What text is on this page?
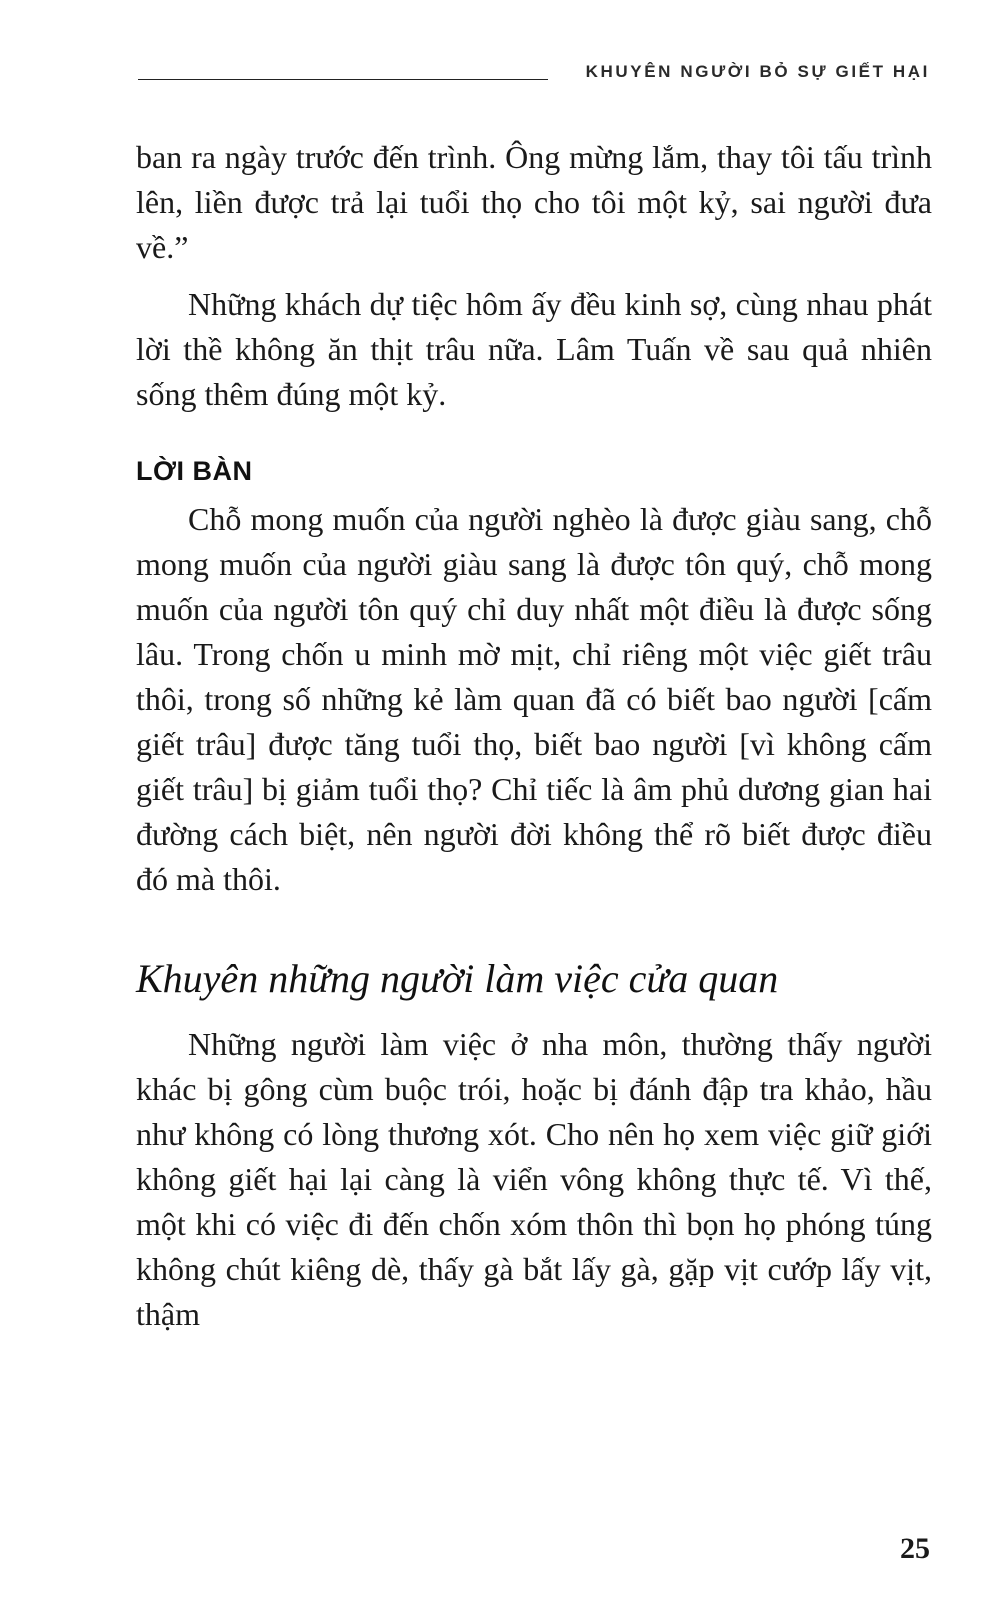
KHUYÊN NGƯỜI BỎ SỰ GIẾT HẠI

ban ra ngày trước đến trình. Ông mừng lắm, thay tôi tấu trình lên, liền được trả lại tuổi thọ cho tôi một kỷ, sai người đưa về.”

Những khách dự tiệc hôm ấy đều kinh sợ, cùng nhau phát lời thề không ăn thịt trâu nữa. Lâm Tuấn về sau quả nhiên sống thêm đúng một kỷ.

LỜI BÀN

Chỗ mong muốn của người nghèo là được giàu sang, chỗ mong muốn của người giàu sang là được tôn quý, chỗ mong muốn của người tôn quý chỉ duy nhất một điều là được sống lâu. Trong chốn u minh mờ mịt, chỉ riêng một việc giết trâu thôi, trong số những kẻ làm quan đã có biết bao người [cấm giết trâu] được tăng tuổi thọ, biết bao người [vì không cấm giết trâu] bị giảm tuổi thọ? Chỉ tiếc là âm phủ dương gian hai đường cách biệt, nên người đời không thể rõ biết được điều đó mà thôi.

Khuyên những người làm việc cửa quan

Những người làm việc ở nha môn, thường thấy người khác bị gông cùm buộc trói, hoặc bị đánh đập tra khảo, hầu như không có lòng thương xót. Cho nên họ xem việc giữ giới không giết hại lại càng là viển vông không thực tế. Vì thế, một khi có việc đi đến chốn xóm thôn thì bọn họ phóng túng không chút kiêng dè, thấy gà bắt lấy gà, gặp vịt cướp lấy vịt, thậm

25
